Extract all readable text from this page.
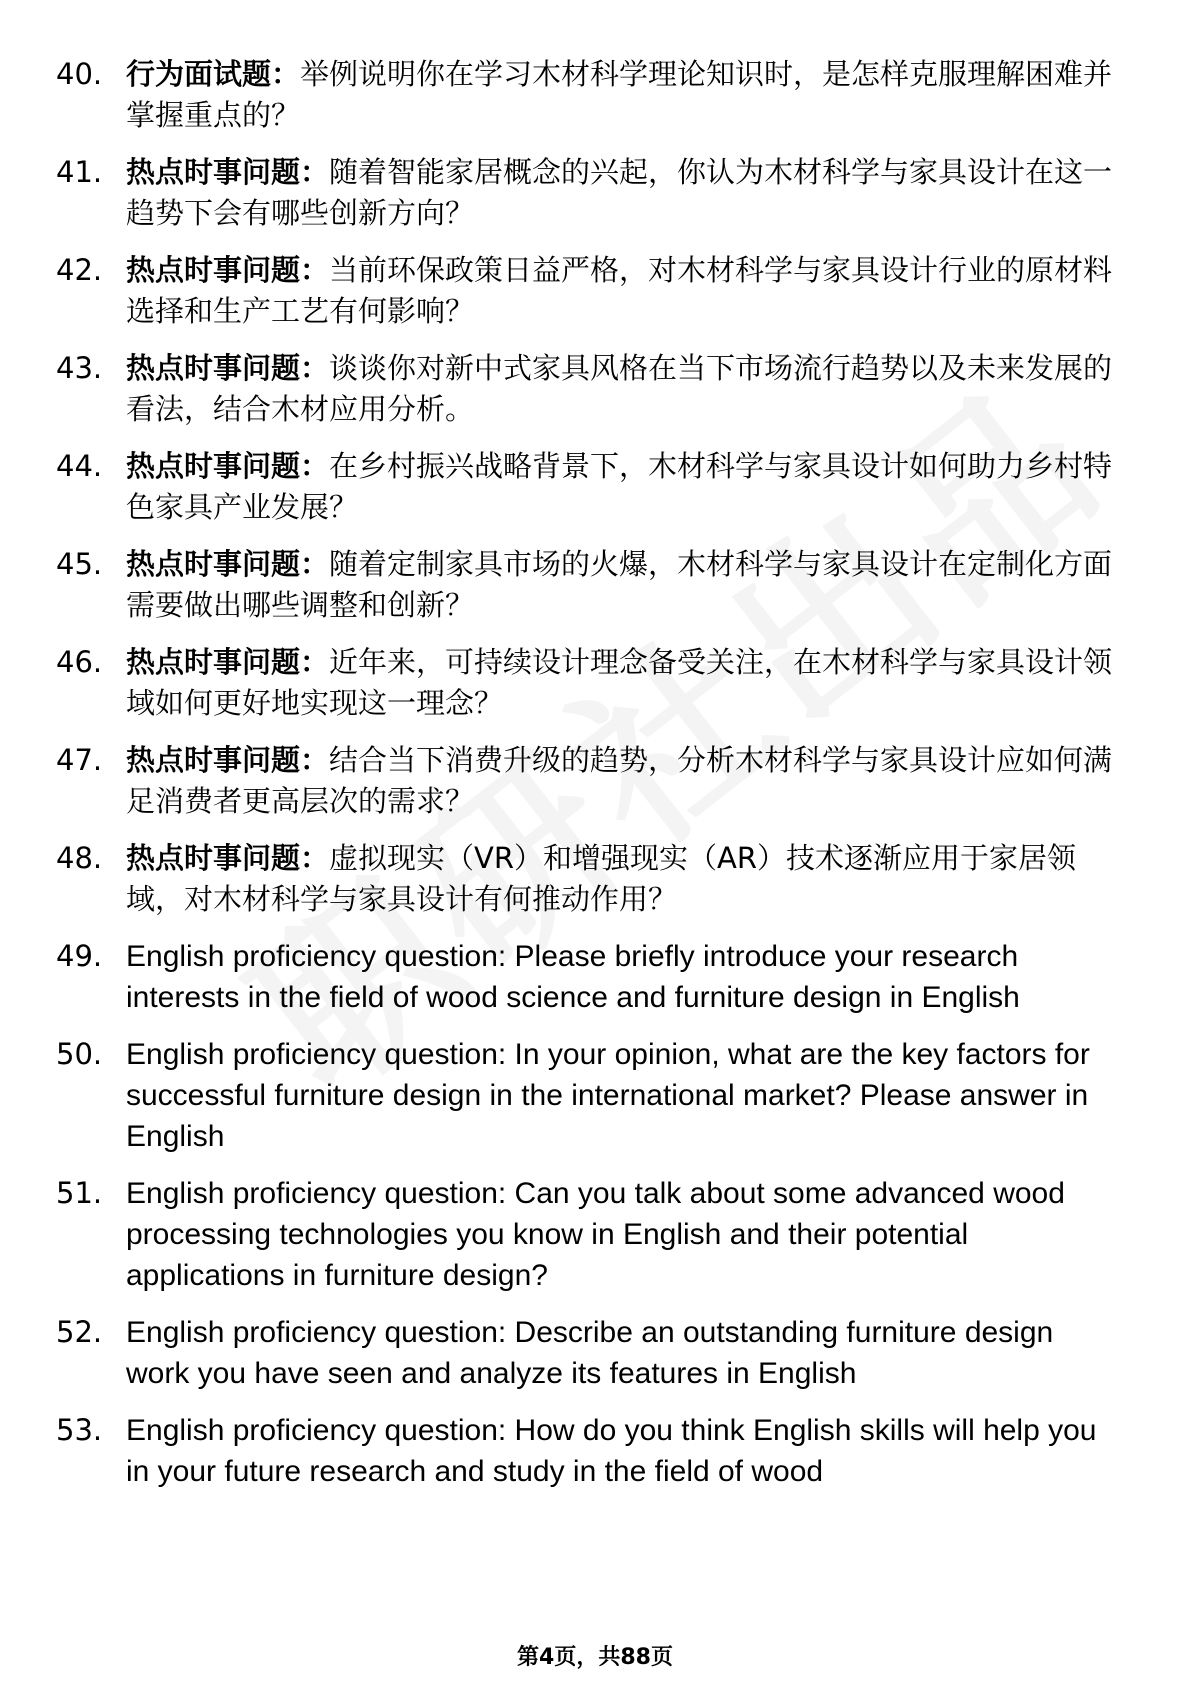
40. 行为面试题：举例说明你在学习木材科学理论知识时，是怎样克服理解困难并掌握重点的？
41. 热点时事问题：随着智能家居概念的兴起，你认为木材科学与家具设计在这一趋势下会有哪些创新方向？
42. 热点时事问题：当前环保政策日益严格，对木材科学与家具设计行业的原材料选择和生产工艺有何影响？
43. 热点时事问题：谈谈你对新中式家具风格在当下市场流行趋势以及未来发展的看法，结合木材应用分析。
44. 热点时事问题：在乡村振兴战略背景下，木材科学与家具设计如何助力乡村特色家具产业发展？
45. 热点时事问题：随着定制家具市场的火爆，木材科学与家具设计在定制化方面需要做出哪些调整和创新？
46. 热点时事问题：近年来，可持续设计理念备受关注，在木材科学与家具设计领域如何更好地实现这一理念？
47. 热点时事问题：结合当下消费升级的趋势，分析木材科学与家具设计应如何满足消费者更高层次的需求？
48. 热点时事问题：虚拟现实（VR）和增强现实（AR）技术逐渐应用于家居领域，对木材科学与家具设计有何推动作用？
49. English proficiency question: Please briefly introduce your research interests in the field of wood science and furniture design in English
50. English proficiency question: In your opinion, what are the key factors for successful furniture design in the international market? Please answer in English
51. English proficiency question: Can you talk about some advanced wood processing technologies you know in English and their potential applications in furniture design?
52. English proficiency question: Describe an outstanding furniture design work you have seen and analyze its features in English
53. English proficiency question: How do you think English skills will help you in your future research and study in the field of wood
第4页，共88页
